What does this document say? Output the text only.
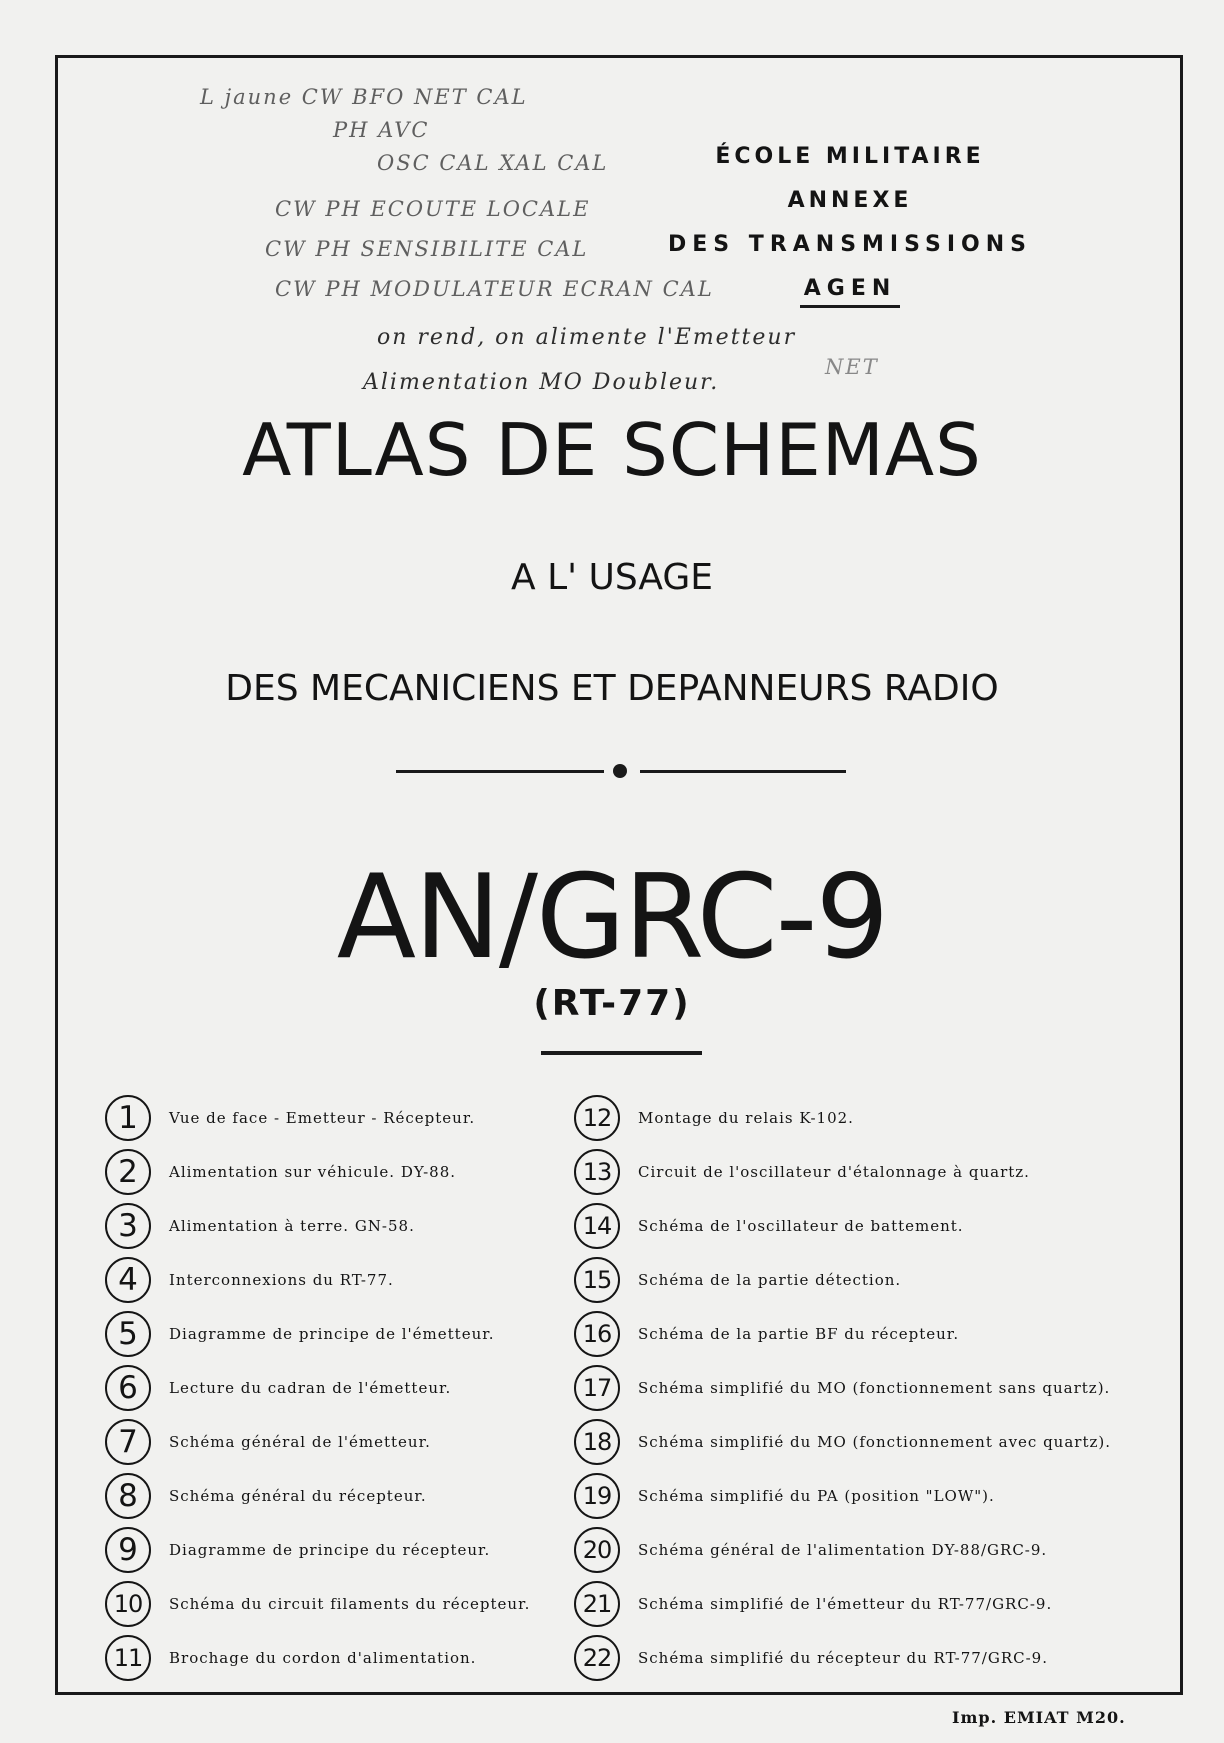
L jaune CW BFO NET CAL
PH AVC
OSC CAL XAL CAL
CW PH ECOUTE LOCALE
CW PH SENSIBILITE CAL
CW PH MODULATEUR ECRAN CAL
on rend, on alimente l'Emetteur
Alimentation MO Doubleur.
NET
ÉCOLE MILITAIRE ANNEXE
DES TRANSMISSIONS
AGEN
ATLAS DE SCHEMAS
A L' USAGE
DES MECANICIENS ET DEPANNEURS RADIO
AN/GRC-9
(RT-77)
1	Vue de face - Emetteur - Récepteur.
2	Alimentation sur véhicule. DY-88.
3	Alimentation à terre. GN-58.
4	Interconnexions du RT-77.
5	Diagramme de principe de l'émetteur.
6	Lecture du cadran de l'émetteur.
7	Schéma général de l'émetteur.
8	Schéma général du récepteur.
9	Diagramme de principe du récepteur.
10	Schéma du circuit filaments du récepteur.
11	Brochage du cordon d'alimentation.
12	Montage du relais K-102.
13	Circuit de l'oscillateur d'étalonnage à quartz.
14	Schéma de l'oscillateur de battement.
15	Schéma de la partie détection.
16	Schéma de la partie BF du récepteur.
17	Schéma simplifié du MO (fonctionnement sans quartz).
18	Schéma simplifié du MO (fonctionnement avec quartz).
19	Schéma simplifié du PA (position "LOW").
20	Schéma général de l'alimentation DY-88/GRC-9.
21	Schéma simplifié de l'émetteur du RT-77/GRC-9.
22	Schéma simplifié du récepteur du RT-77/GRC-9.
Imp. EMIAT M20.
